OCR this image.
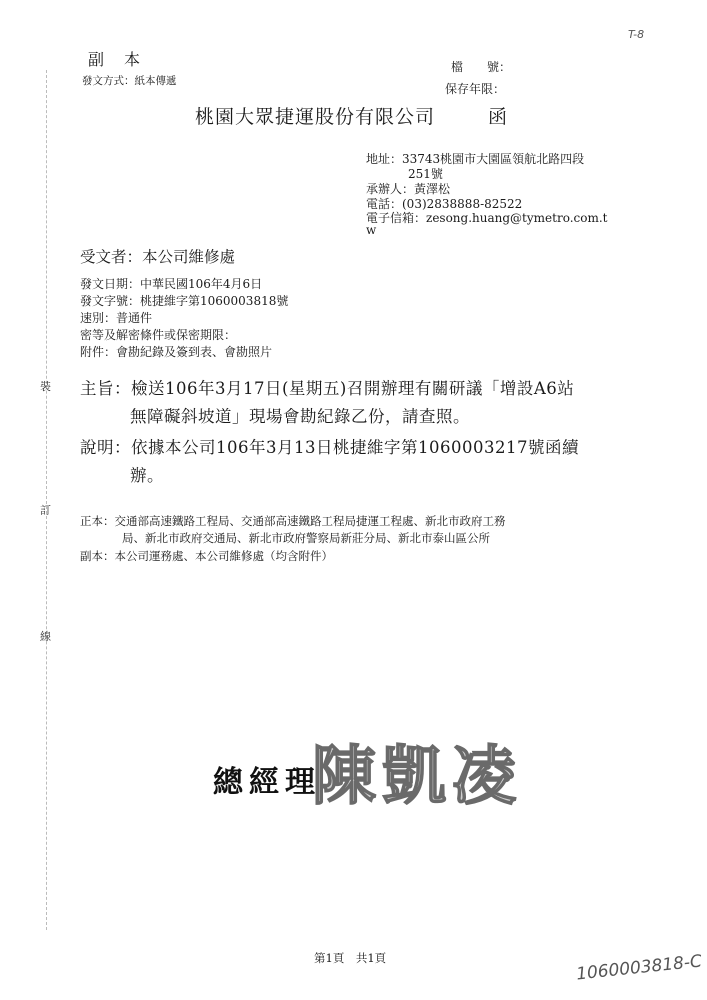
裝
訂
線
副　本
發文方式：紙本傳遞
檔　　號：
保存年限：
T-8
桃園大眾捷運股份有限公司	函
地址：33743桃園市大園區領航北路四段
251號
承辦人：黃澤松
電話：(03)2838888-82522
電子信箱：zesong.huang@tymetro.com.t
w
受文者：本公司維修處
發文日期：中華民國106年4月6日
發文字號：桃捷維字第1060003818號
速別：普通件
密等及解密條件或保密期限：
附件：會勘紀錄及簽到表、會勘照片
主旨：檢送106年3月17日(星期五)召開辦理有關研議「增設A6站
無障礙斜坡道」現場會勘紀錄乙份，請查照。
說明：依據本公司106年3月13日桃捷維字第1060003217號函續
辦。
正本：交通部高速鐵路工程局、交通部高速鐵路工程局捷運工程處、新北市政府工務
局、新北市政府交通局、新北市政府警察局新莊分局、新北市泰山區公所
副本：本公司運務處、本公司維修處（均含附件）
總經理
陳凱凌
第1頁　共1頁	1060003818-C
